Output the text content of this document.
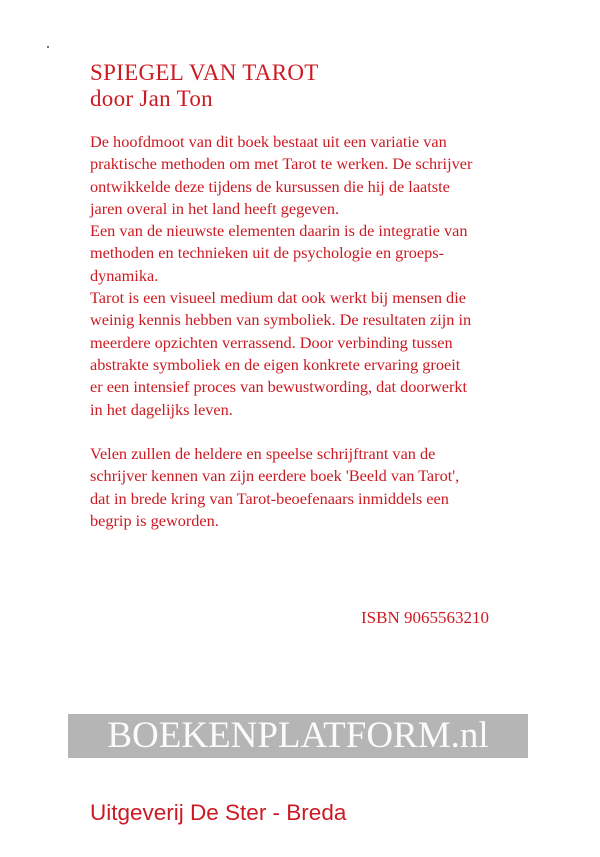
SPIEGEL VAN TAROT
door Jan Ton
De hoofdmoot van dit boek bestaat uit een variatie van
praktische methoden om met Tarot te werken. De schrijver
ontwikkelde deze tijdens de kursussen die hij de laatste
jaren overal in het land heeft gegeven.
Een van de nieuwste elementen daarin is de integratie van
methoden en technieken uit de psychologie en groeps-
dynamika.
Tarot is een visueel medium dat ook werkt bij mensen die
weinig kennis hebben van symboliek. De resultaten zijn in
meerdere opzichten verrassend. Door verbinding tussen
abstrakte symboliek en de eigen konkrete ervaring groeit
er een intensief proces van bewustwording, dat doorwerkt
in het dagelijks leven.
Velen zullen de heldere en speelse schrijftrant van de
schrijver kennen van zijn eerdere boek 'Beeld van Tarot',
dat in brede kring van Tarot-beoefenaars inmiddels een
begrip is geworden.
ISBN 9065563210
BOEKENPLATFORM.nl
Uitgeverij De Ster - Breda
